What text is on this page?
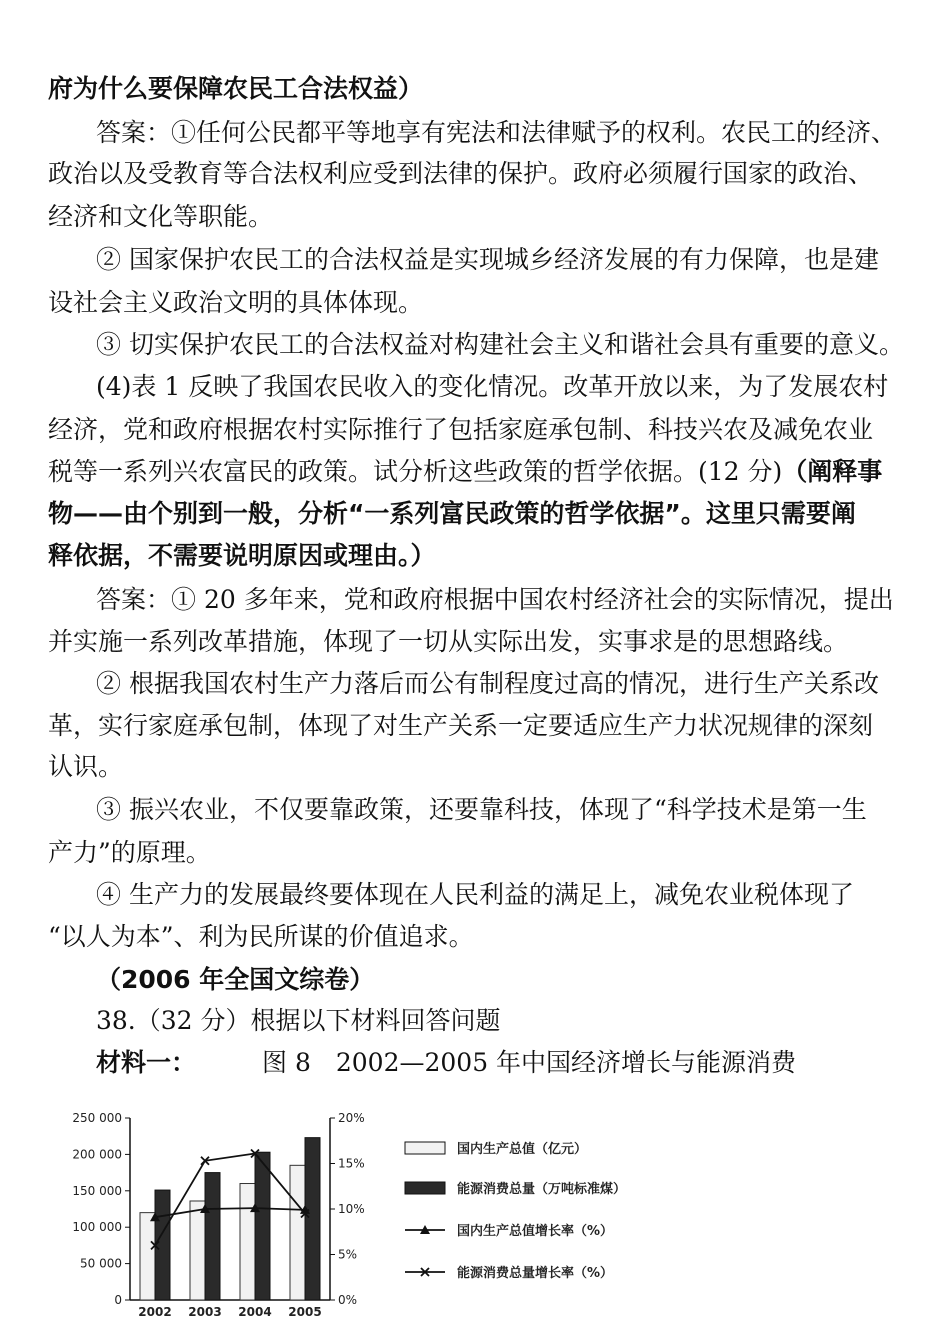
府为什么要保障农民工合法权益）
答案：①任何公民都平等地享有宪法和法律赋予的权利。农民工的经济、
政治以及受教育等合法权利应受到法律的保护。政府必须履行国家的政治、
经济和文化等职能。
② 国家保护农民工的合法权益是实现城乡经济发展的有力保障，也是建
设社会主义政治文明的具体体现。
③ 切实保护农民工的合法权益对构建社会主义和谐社会具有重要的意义。
(4)表 1 反映了我国农民收入的变化情况。改革开放以来，为了发展农村
经济，党和政府根据农村实际推行了包括家庭承包制、科技兴农及减免农业
税等一系列兴农富民的政策。试分析这些政策的哲学依据。(12 分)（阐释事
物——由个别到一般，分析“一系列富民政策的哲学依据”。这里只需要阐
释依据，不需要说明原因或理由。）
答案：① 20 多年来，党和政府根据中国农村经济社会的实际情况，提出
并实施一系列改革措施，体现了一切从实际出发，实事求是的思想路线。
② 根据我国农村生产力落后而公有制程度过高的情况，进行生产关系改
革，实行家庭承包制，体现了对生产关系一定要适应生产力状况规律的深刻
认识。
③ 振兴农业，不仅要靠政策，还要靠科技，体现了“科学技术是第一生
产力”的原理。
④ 生产力的发展最终要体现在人民利益的满足上，减免农业税体现了
“以人为本”、利为民所谋的价值追求。
（2006 年全国文综卷）
38.（32 分）根据以下材料回答问题
材料一：	图 8　2002—2005 年中国经济增长与能源消费
0
50 000
100 000
150 000
200 000
250 000
0%
5%
10%
15%
20%
2002 2003 2004 2005
国内生产总值（亿元）
能源消费总量（万吨标准煤）
国内生产总值增长率（%）
能源消费总量增长率（%）
